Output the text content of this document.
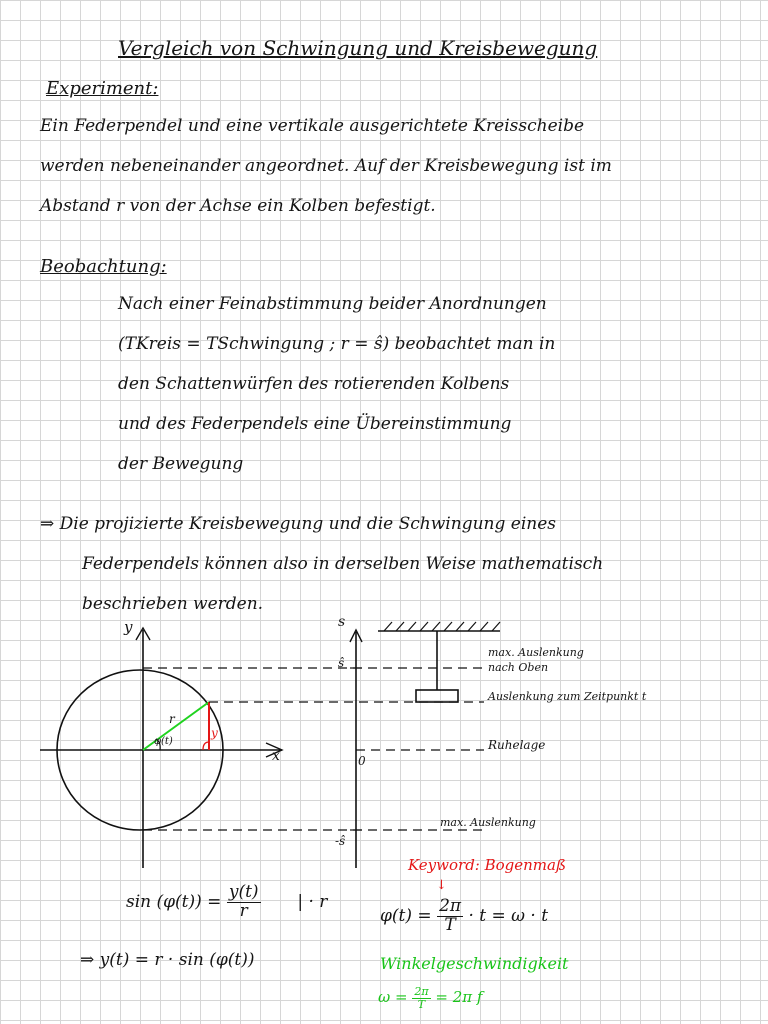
Vergleich von Schwingung und Kreisbewegung
Experiment:
Ein Federpendel und eine vertikale ausgerichtete Kreisscheibe
werden nebeneinander angeordnet. Auf der Kreisbewegung ist im
Abstand r von der Achse ein Kolben befestigt.
Beobachtung:
Nach einer Feinabstimmung beider Anordnungen
(TKreis = TSchwingung ; r = ŝ) beobachtet man in
den Schattenwürfen des rotierenden Kolbens
und des Federpendels eine Übereinstimmung
der Bewegung
⇒ Die projizierte Kreisbewegung und die Schwingung eines
Federpendels können also in derselben Weise mathematisch
beschrieben werden.
y
x
r
y
φ(t)
s
ŝ
0
-ŝ
max. Auslenkung
nach Oben
Auslenkung zum Zeitpunkt t
Ruhelage
max. Auslenkung
$\sin (\varphi(t)) = \frac{y(t)}{r}$ | · r
⇒ y(t) = r · sin (φ(t))
Keyword: Bogenmaß
↓
$\varphi(t) = \frac{2\pi}{T} \cdot t = \omega \cdot t$
Winkelgeschwindigkeit
$\omega = \frac{2\pi}{T} = 2\pi$ f
